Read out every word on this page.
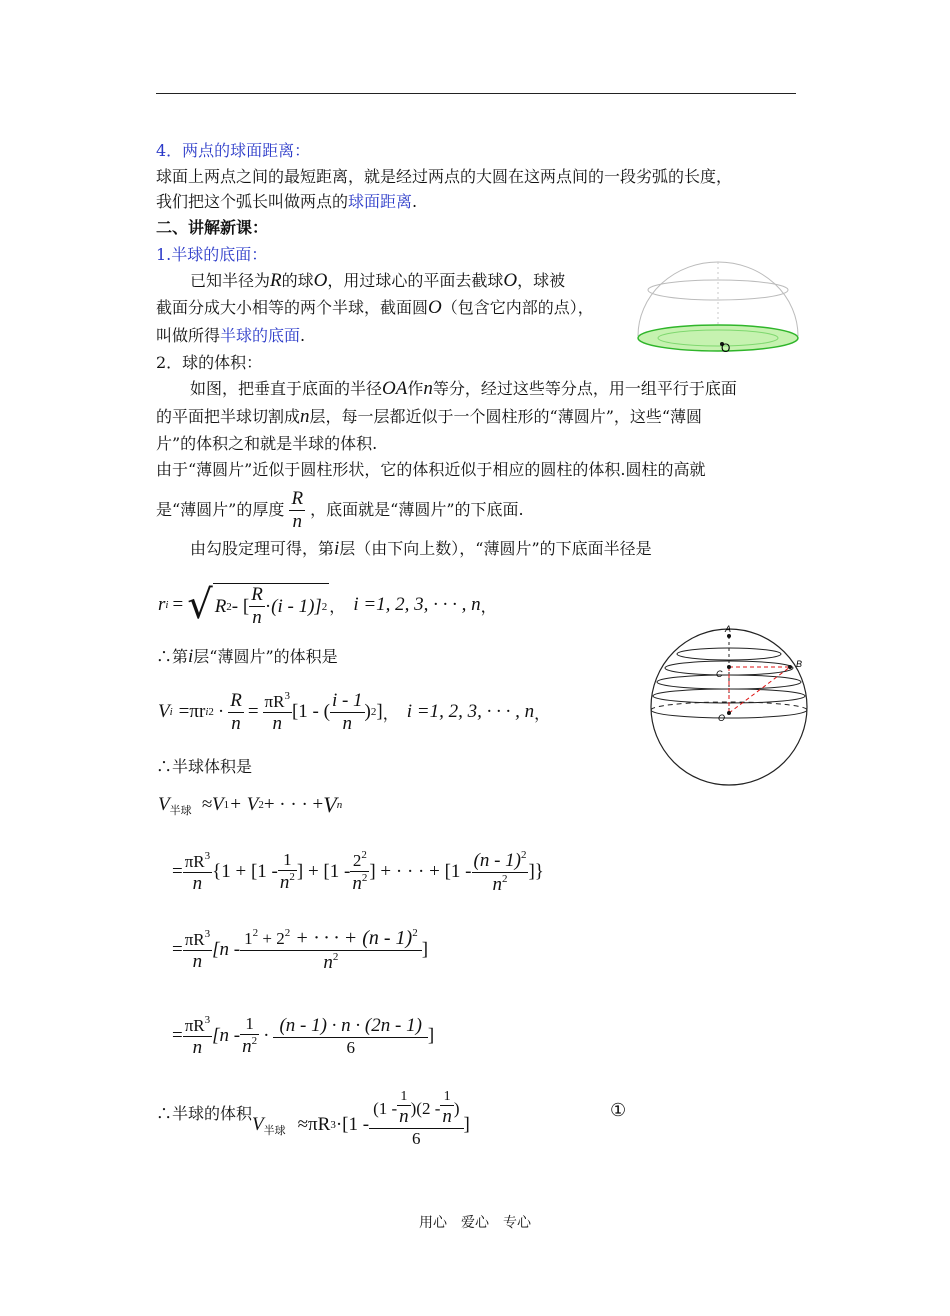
4．两点的球面距离：
球面上两点之间的最短距离，就是经过两点的大圆在这两点间的一段劣弧的长度，
我们把这个弧长叫做两点的球面距离.
二、讲解新课：
1.半球的底面：
已知半径为R的球O，用过球心的平面去截球O，球被
截面分成大小相等的两个半球，截面圆O（包含它内部的点），
叫做所得半球的底面.
O
2．球的体积：
如图，把垂直于底面的半径OA作n等分，经过这些等分点，用一组平行于底面
的平面把半球切割成n层，每一层都近似于一个圆柱形的“薄圆片”，这些“薄圆
片”的体积之和就是半球的体积.
由于“薄圆片”近似于圆柱形状，它的体积近似于相应的圆柱的体积.圆柱的高就
是“薄圆片”的厚度 $\frac{R}{n}$ ，底面就是“薄圆片”的下底面.
由勾股定理可得，第i层（由下向上数），“薄圆片”的下底面半径是
r i = √ R 2 - [ $\frac{R}{n} \cdot (i - 1)$] 2 ， i =1, 2, 3, · · · , n ，
∴第i层“薄圆片”的体积是
V i =πr i $2 \cdot \frac{R}{n} = \frac{\pi R^3}{n} [1$ - ( $\frac{i - 1}{n}$ ) 2 ] ， i =1, 2, 3, · · · , n ，
A
B
C
O
∴半球体积是
V 半球 ≈V 1 + V 2 + · · · + V n
= $\frac{\pi R^3}{n} \{1 + [1 - \frac{1}{n^2}$ ] + [$1 - \frac{2^2}{n^2}$ ] + · · · + [$1 - \frac{(n - 1)^2}{n^2}$ ]}
= $\frac{\pi R^3}{n} [n - \frac{1^2 + 2^2 + \cdot \cdot \cdot + (n - 1)^2}{n^2}$ ]
= $\frac{\pi R^3}{n} [n - \frac{1}{n^2} \cdot \frac{(n - 1) \cdot n \cdot (2n - 1)}{6}$ ]
∴半球的体积
V 半球 ≈πR $3 \cdot[1 - \frac{(1 - \frac{1}{n} )(2 - \frac{1}{n} )}{6}$ ]
①
用心　爱心　专心
